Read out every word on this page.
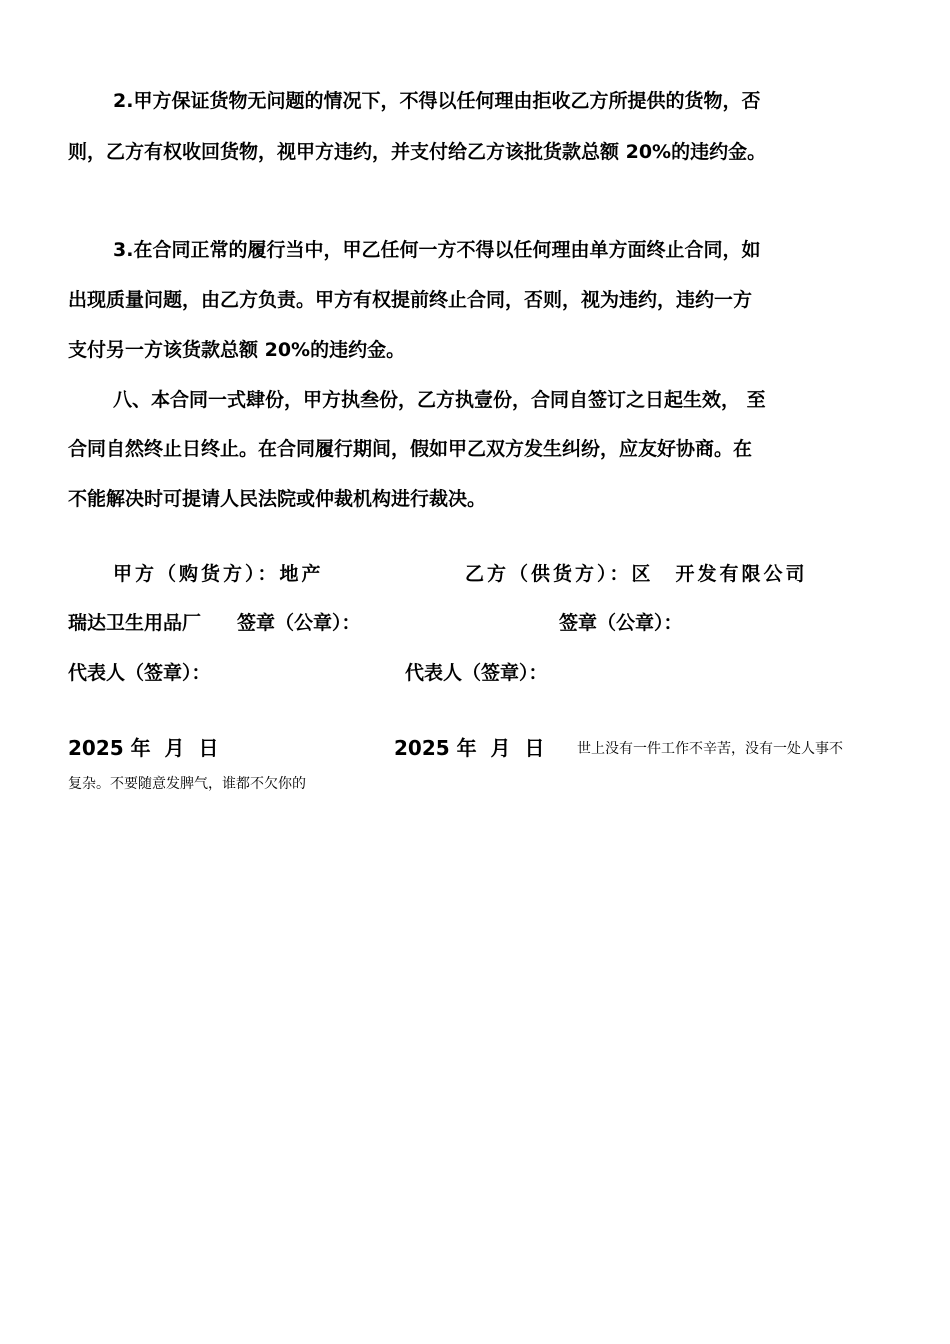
2.甲方保证货物无问题的情况下，不得以任何理由拒收乙方所提供的货物，否
则，乙方有权收回货物，视甲方违约，并支付给乙方该批货款总额 20%的违约金。
3.在合同正常的履行当中，甲乙任何一方不得以任何理由单方面终止合同，如
出现质量问题，由乙方负责。甲方有权提前终止合同，否则，视为违约，违约一方
支付另一方该货款总额 20%的违约金。
八、本合同一式肆份，甲方执叁份，乙方执壹份，合同自签订之日起生效， 至
合同自然终止日终止。在合同履行期间，假如甲乙双方发生纠纷，应友好协商。在
不能解决时可提请人民法院或仲裁机构进行裁决。
甲方（购货方）：地产	乙方（供货方）：区　开发有限公司
瑞达卫生用品厂 签章（公章）：	签章（公章）：
代表人（签章）：	代表人（签章）：
2025 年  月  日	2025 年  月  日 世上没有一件工作不辛苦，没有一处人事不
复杂。不要随意发脾气，谁都不欠你的
